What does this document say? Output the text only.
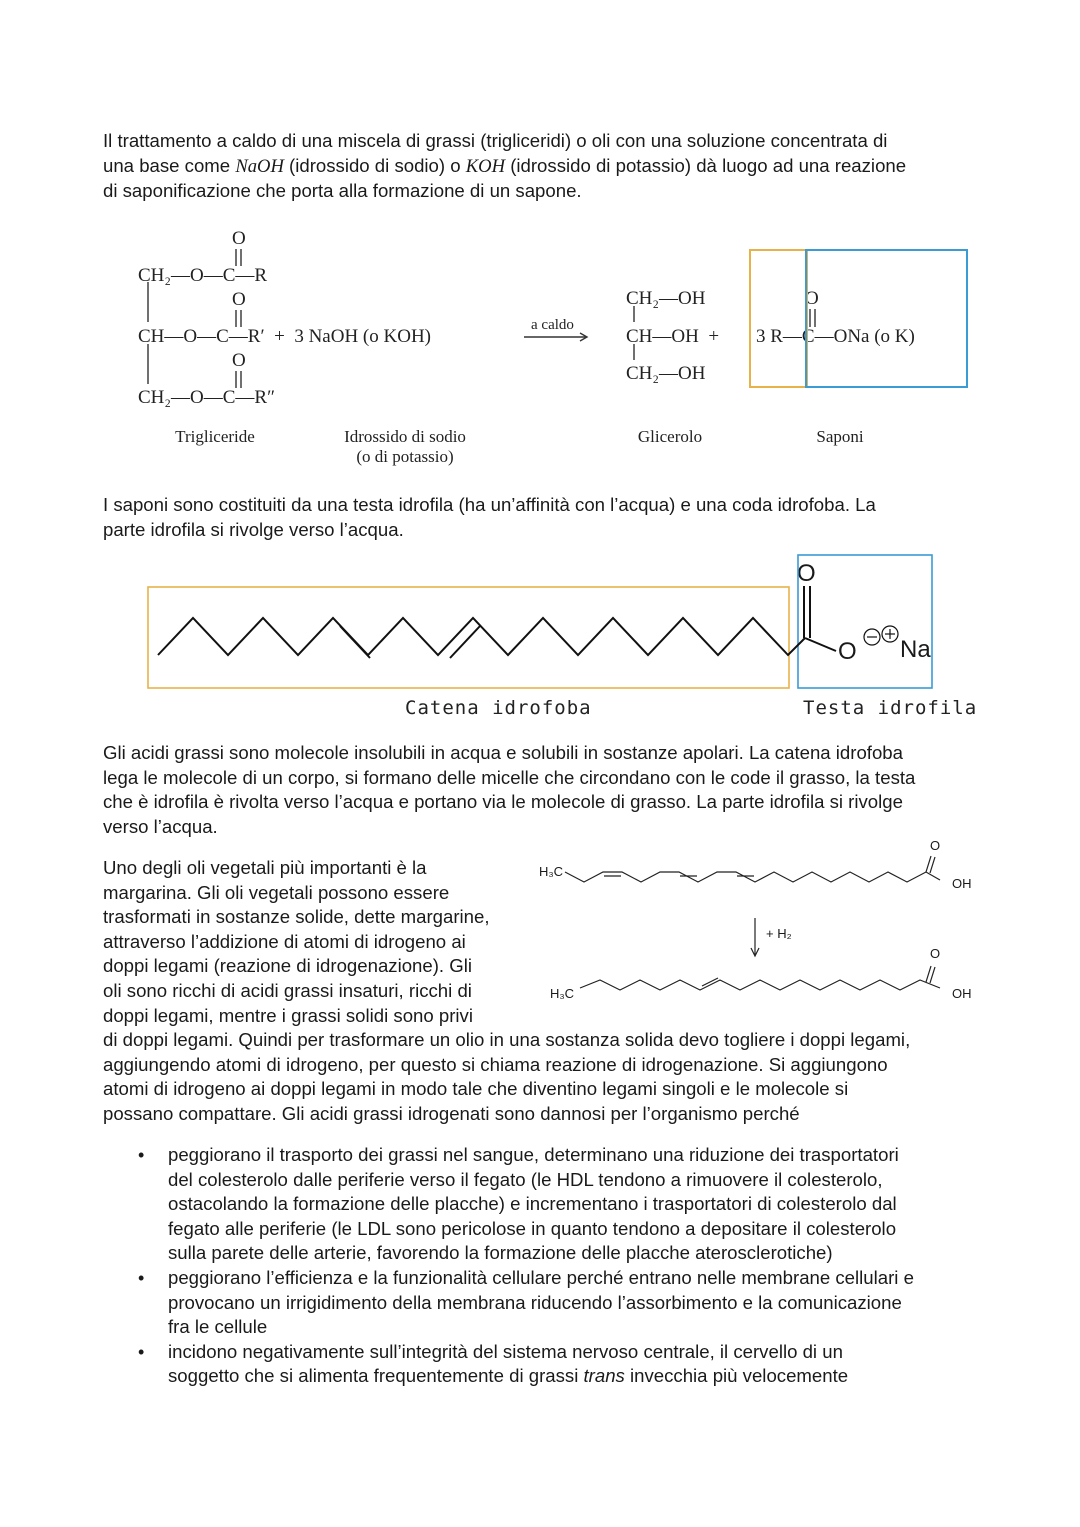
Il trattamento a caldo di una miscela di grassi (trigliceridi) o oli con una soluzione concentrata di
una base come NaOH (idrossido di sodio) o KOH (idrossido di potassio) dà luogo ad una reazione
di saponificazione che porta alla formazione di un sapone.

O
CH₂—O—C—R
O
CH—O—C—R′  +  3 NaOH (o KOH)
O
CH₂—O—C—R″
a caldo
CH₂—OH
CH—OH  +
CH₂—OH
O
3 R—C—ONa (o K)
Trigliceride	Idrossido di sodio
(o di potassio)
Glicerolo	Saponi

I saponi sono costituiti da una testa idrofila (ha un’affinità con l’acqua) e una coda idrofoba. La
parte idrofila si rivolge verso l’acqua.

O
O Na
Catena idrofoba	Testa idrofila

Gli acidi grassi sono molecole insolubili in acqua e solubili in sostanze apolari. La catena idrofoba
lega le molecole di un corpo, si formano delle micelle che circondano con le code il grasso, la testa
che è idrofila è rivolta verso l’acqua e portano via le molecole di grasso. La parte idrofila si rivolge
verso l’acqua.

Uno degli oli vegetali più importanti è la
margarina. Gli oli vegetali possono essere
trasformati in sostanze solide, dette margarine,
attraverso l’addizione di atomi di idrogeno ai
doppi legami (reazione di idrogenazione). Gli
oli sono ricchi di acidi grassi insaturi, ricchi di
doppi legami, mentre i grassi solidi sono privi
di doppi legami. Quindi per trasformare un olio in una sostanza solida devo togliere i doppi legami,
aggiungendo atomi di idrogeno, per questo si chiama reazione di idrogenazione. Si aggiungono
atomi di idrogeno ai doppi legami in modo tale che diventino legami singoli e le molecole si
possano compattare. Gli acidi grassi idrogenati sono dannosi per l’organismo perché

H₃C
OH
O
+ H₂
H₃C	OH
O
• peggiorano il trasporto dei grassi nel sangue, determinano una riduzione dei trasportatori
del colesterolo dalle periferie verso il fegato (le HDL tendono a rimuovere il colesterolo,
ostacolando la formazione delle placche) e incrementano i trasportatori di colesterolo dal
fegato alle periferie (le LDL sono pericolose in quanto tendono a depositare il colesterolo
sulla parete delle arterie, favorendo la formazione delle placche aterosclerotiche)
• peggiorano l’efficienza e la funzionalità cellulare perché entrano nelle membrane cellulari e
provocano un irrigidimento della membrana riducendo l’assorbimento e la comunicazione
fra le cellule
• incidono negativamente sull’integrità del sistema nervoso centrale, il cervello di un
soggetto che si alimenta frequentemente di grassi trans invecchia più velocemente
